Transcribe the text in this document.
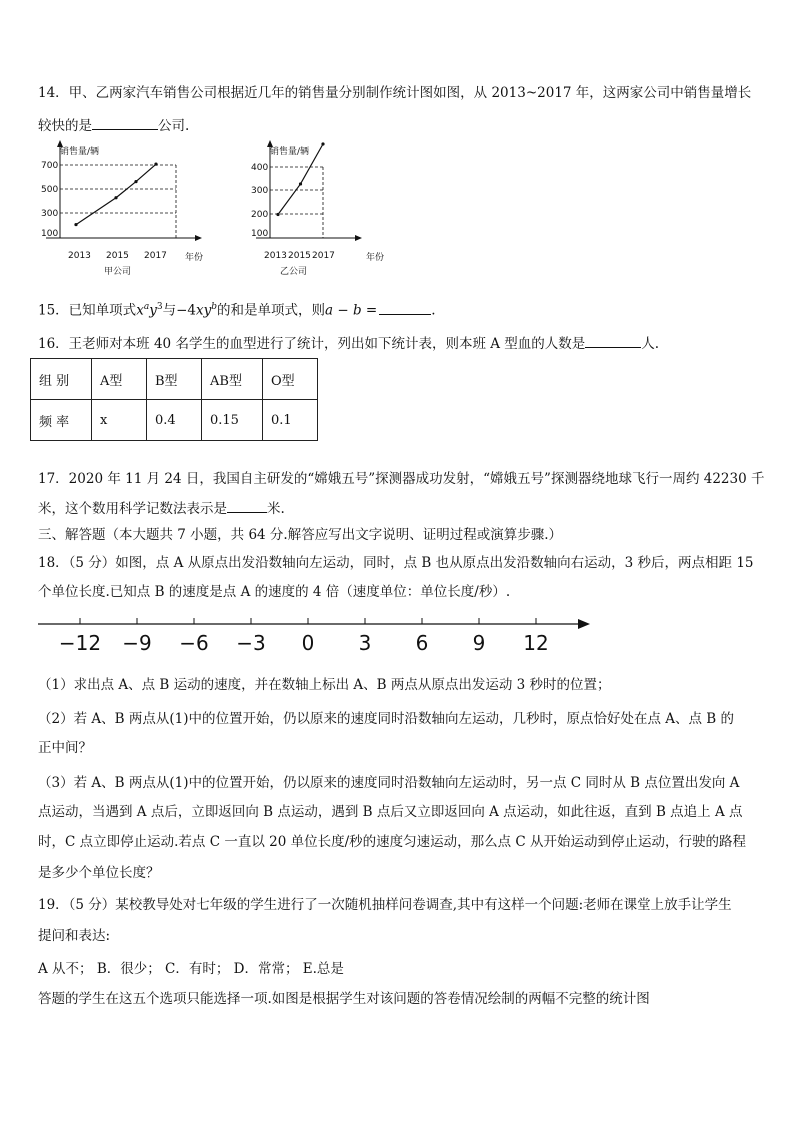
14．甲、乙两家汽车销售公司根据近几年的销售量分别制作统计图如图，从 2013~2017 年，这两家公司中销售量增长
较快的是	公司.
销售量/辆
年份
700
500
300
100
2013 2015 2017
甲公司
销售量/辆
年份
400
300
200
100
2013 2015 2017
乙公司
15．已知单项式$x^ay^3$与$-4xy^b$的和是单项式，则a − b =	.
16．王老师对本班 40 名学生的血型进行了统计，列出如下统计表，则本班 A 型血的人数是	人.
组 别	A型	B型	AB型	O型
频 率	x	0.4	0.15	0.1
17．2020 年 11 月 24 日，我国自主研发的“嫦娥五号”探测器成功发射，“嫦娥五号”探测器绕地球飞行一周约 42230 千
米，这个数用科学记数法表示是	米.
三、解答题（本大题共 7 小题，共 64 分.解答应写出文字说明、证明过程或演算步骤.）
18．（5 分）如图，点 A 从原点出发沿数轴向左运动，同时，点 B 也从原点出发沿数轴向右运动，3 秒后，两点相距 15
个单位长度.已知点 B 的速度是点 A 的速度的 4 倍（速度单位：单位长度/秒）.
−12 −9 −6 −3 0 3 6 9 12
（1）求出点 A、点 B 运动的速度，并在数轴上标出 A、B 两点从原点出发运动 3 秒时的位置；
（2）若 A、B 两点从(1)中的位置开始，仍以原来的速度同时沿数轴向左运动，几秒时，原点恰好处在点 A、点 B 的
正中间？
（3）若 A、B 两点从(1)中的位置开始，仍以原来的速度同时沿数轴向左运动时，另一点 C 同时从 B 点位置出发向 A
点运动，当遇到 A 点后，立即返回向 B 点运动，遇到 B 点后又立即返回向 A 点运动，如此往返，直到 B 点追上 A 点
时，C 点立即停止运动.若点 C 一直以 20 单位长度/秒的速度匀速运动，那么点 C 从开始运动到停止运动，行驶的路程
是多少个单位长度？
19．（5 分）某校教导处对七年级的学生进行了一次随机抽样问卷调查,其中有这样一个问题:老师在课堂上放手让学生
提问和表达:
A 从不； B．很少； C．有时； D．常常； E.总是
答题的学生在这五个选项只能选择一项.如图是根据学生对该问题的答卷情况绘制的两幅不完整的统计图
